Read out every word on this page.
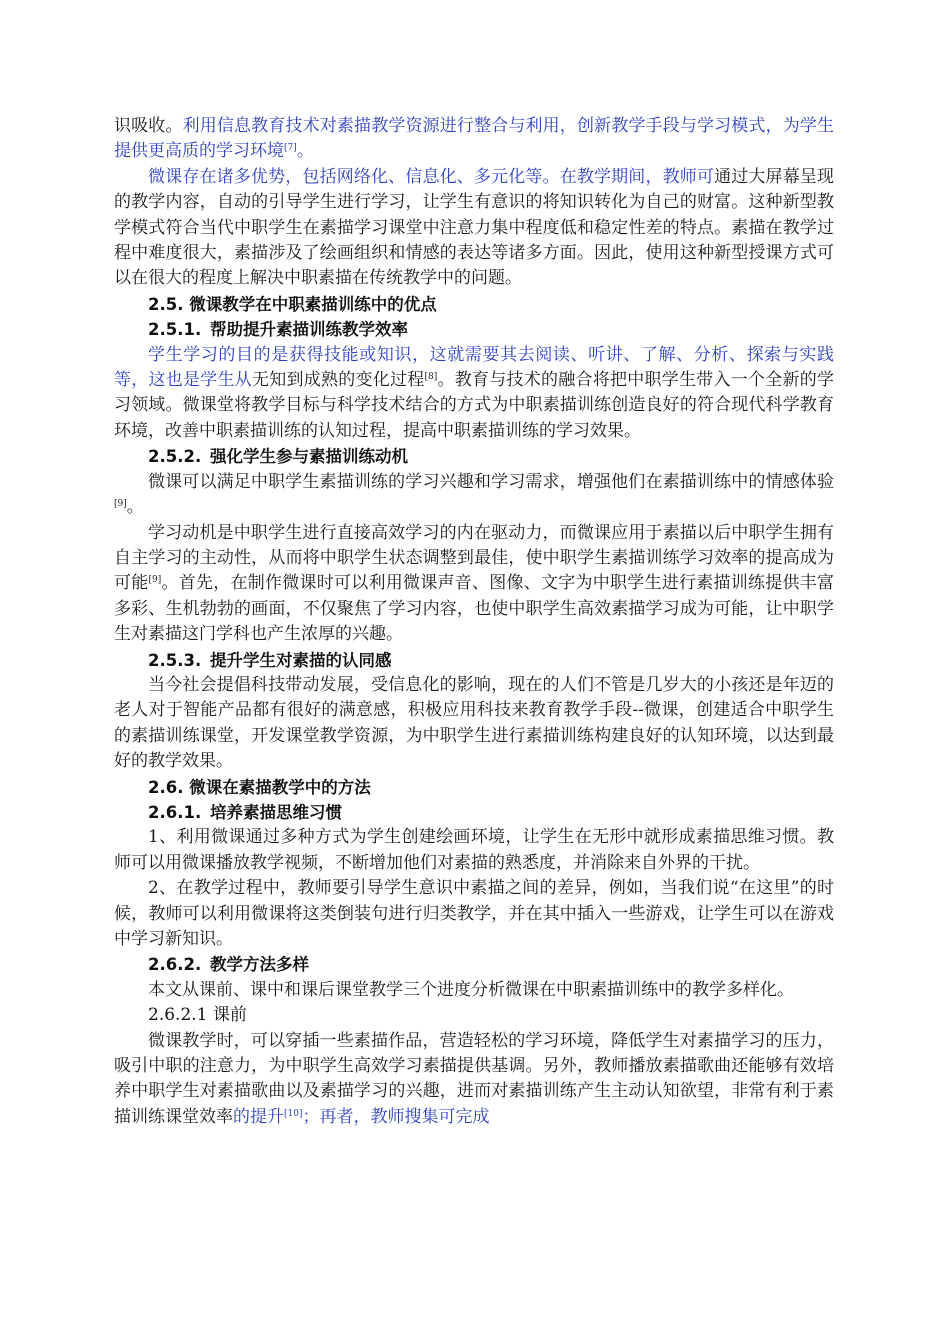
识吸收。利用信息教育技术对素描教学资源进行整合与利用，创新教学手段与学习模式，为学生提供更高质的学习环境[7]。

微课存在诸多优势，包括网络化、信息化、多元化等。在教学期间，教师可通过大屏幕呈现的教学内容，自动的引导学生进行学习，让学生有意识的将知识转化为自己的财富。这种新型教学模式符合当代中职学生在素描学习课堂中注意力集中程度低和稳定性差的特点。素描在教学过程中难度很大，素描涉及了绘画组织和情感的表达等诸多方面。因此，使用这种新型授课方式可以在很大的程度上解决中职素描在传统教学中的问题。

2.5. 微课教学在中职素描训练中的优点
2.5.1. 帮助提升素描训练教学效率

学生学习的目的是获得技能或知识，这就需要其去阅读、听讲、了解、分析、探索与实践等，这也是学生从无知到成熟的变化过程[8]。教育与技术的融合将把中职学生带入一个全新的学习领域。微课堂将教学目标与科学技术结合的方式为中职素描训练创造良好的符合现代科学教育环境，改善中职素描训练的认知过程，提高中职素描训练的学习效果。

2.5.2. 强化学生参与素描训练动机

微课可以满足中职学生素描训练的学习兴趣和学习需求，增强他们在素描训练中的情感体验[9]。

学习动机是中职学生进行直接高效学习的内在驱动力，而微课应用于素描以后中职学生拥有自主学习的主动性，从而将中职学生状态调整到最佳，使中职学生素描训练学习效率的提高成为可能[9]。首先，在制作微课时可以利用微课声音、图像、文字为中职学生进行素描训练提供丰富多彩、生机勃勃的画面，不仅聚焦了学习内容，也使中职学生高效素描学习成为可能，让中职学生对素描这门学科也产生浓厚的兴趣。

2.5.3. 提升学生对素描的认同感

当今社会提倡科技带动发展，受信息化的影响，现在的人们不管是几岁大的小孩还是年迈的老人对于智能产品都有很好的满意感，积极应用科技来教育教学手段--微课，创建适合中职学生的素描训练课堂，开发课堂教学资源，为中职学生进行素描训练构建良好的认知环境，以达到最好的教学效果。

2.6. 微课在素描教学中的方法
2.6.1. 培养素描思维习惯

1、利用微课通过多种方式为学生创建绘画环境，让学生在无形中就形成素描思维习惯。教师可以用微课播放教学视频，不断增加他们对素描的熟悉度，并消除来自外界的干扰。

2、在教学过程中，教师要引导学生意识中素描之间的差异，例如，当我们说“在这里”的时候，教师可以利用微课将这类倒装句进行归类教学，并在其中插入一些游戏，让学生可以在游戏中学习新知识。

2.6.2. 教学方法多样

本文从课前、课中和课后课堂教学三个进度分析微课在中职素描训练中的教学多样化。

2.6.2.1 课前

微课教学时，可以穿插一些素描作品，营造轻松的学习环境，降低学生对素描学习的压力，吸引中职的注意力，为中职学生高效学习素描提供基调。另外，教师播放素描歌曲还能够有效培养中职学生对素描歌曲以及素描学习的兴趣，进而对素描训练产生主动认知欲望，非常有利于素描训练课堂效率的提升[10]；再者，教师搜集可完成
